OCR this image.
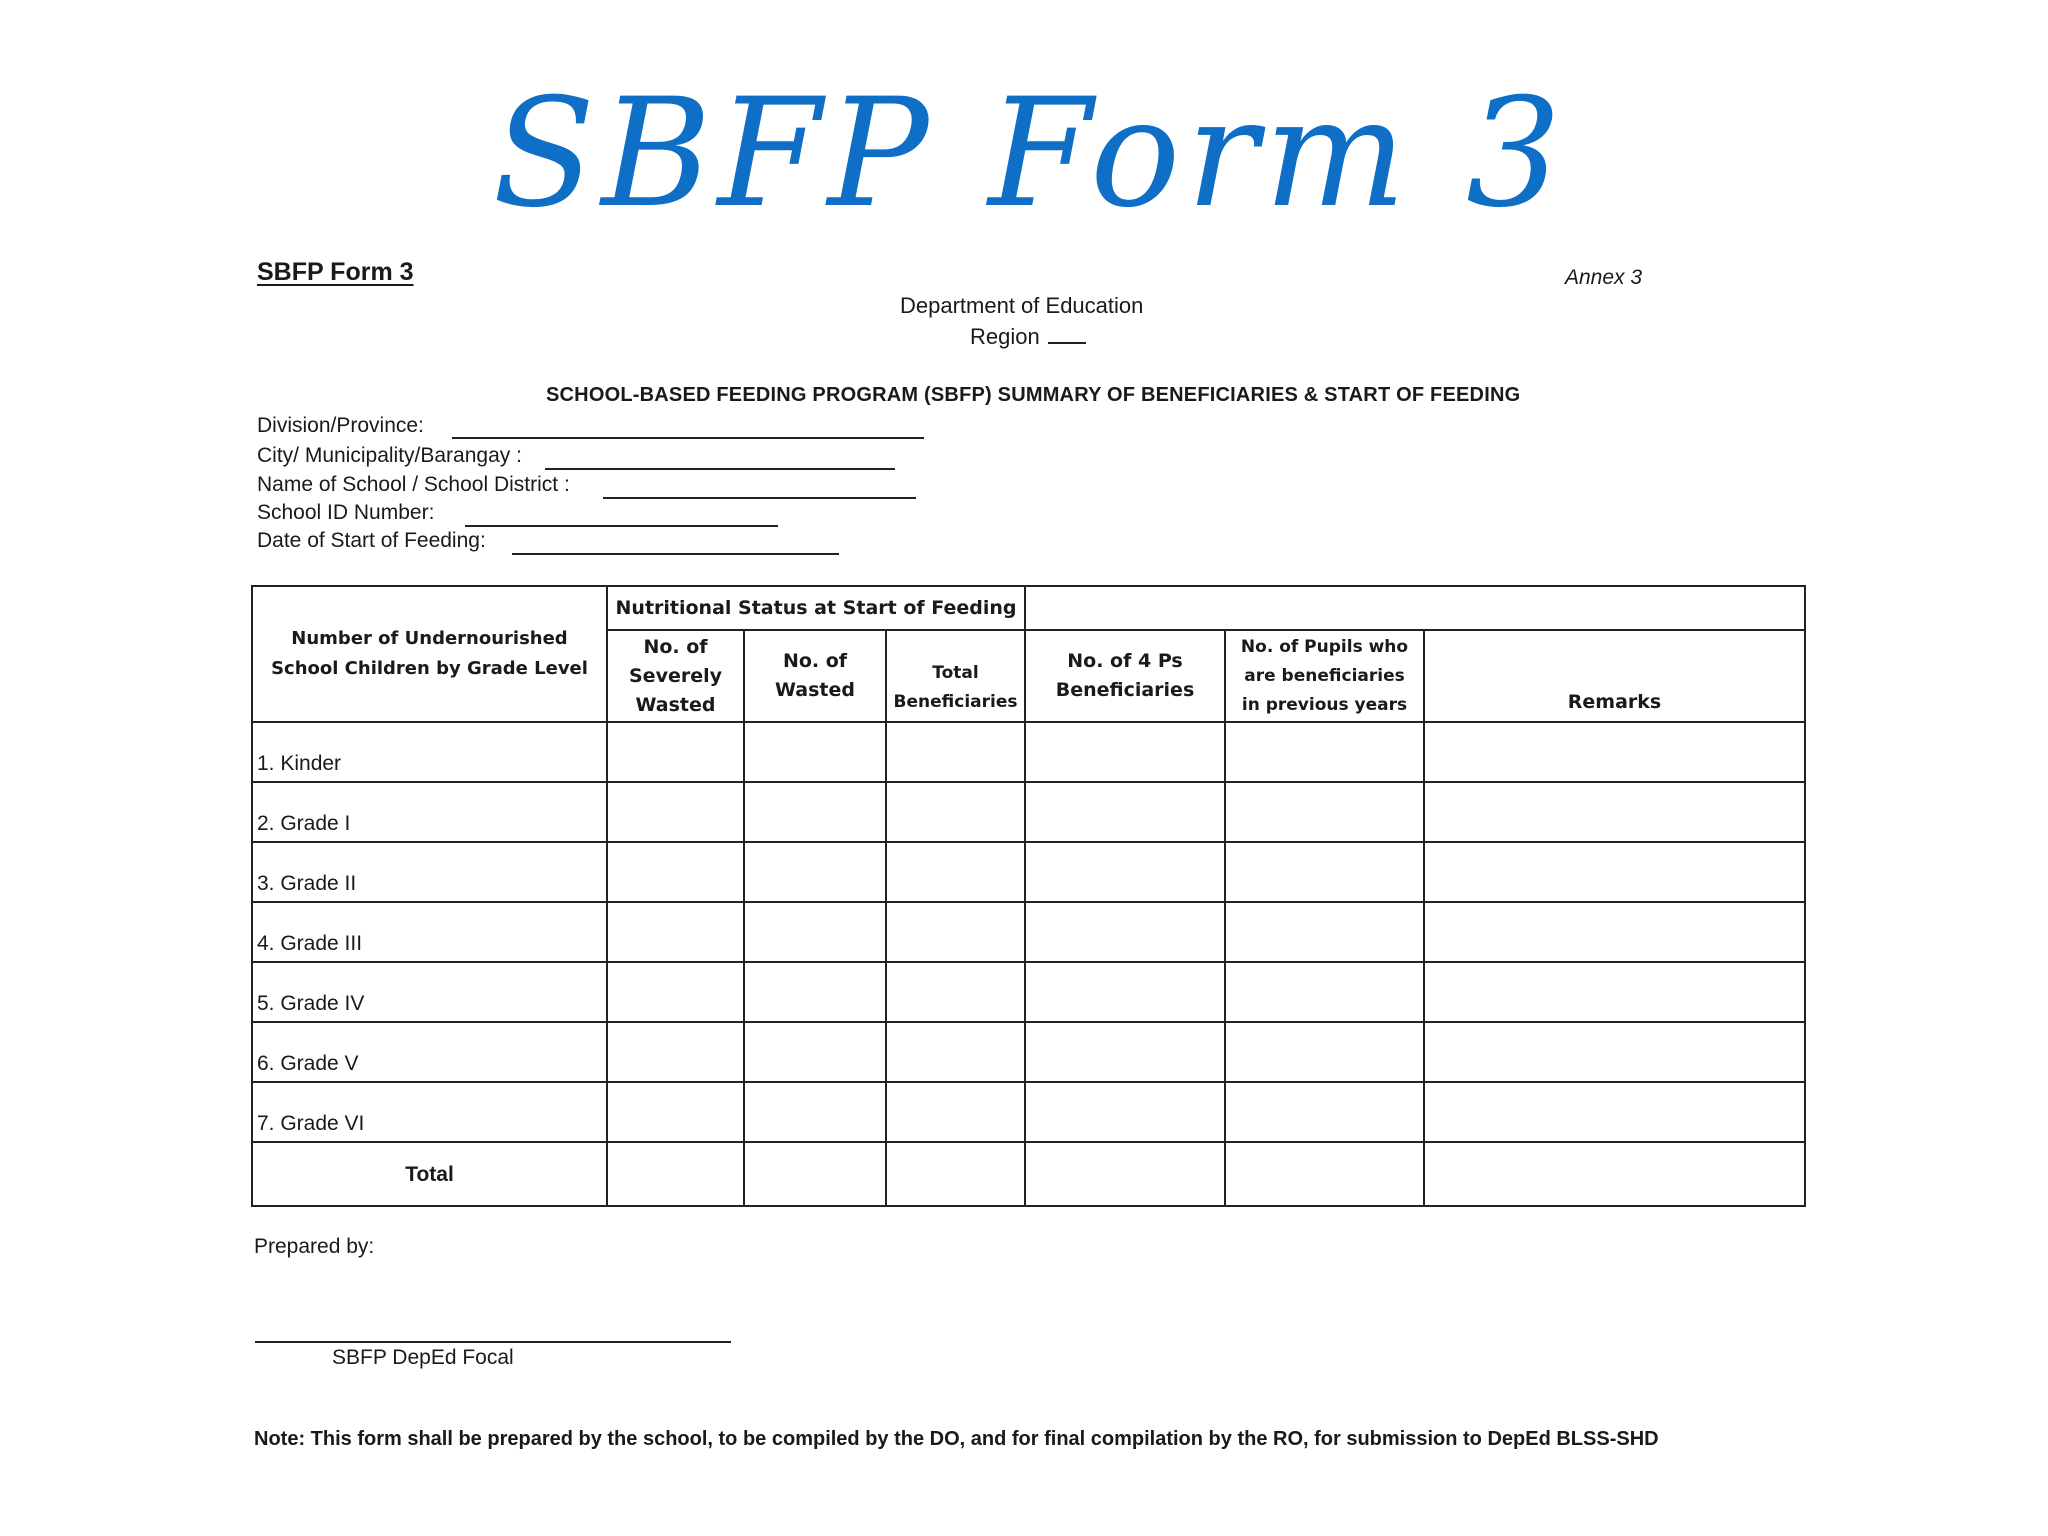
SBFP Form 3
SBFP Form 3	Annex 3
Department of Education
Region
SCHOOL-BASED FEEDING PROGRAM (SBFP) SUMMARY OF BENEFICIARIES & START OF FEEDING
Division/Province:
City/ Municipality/Barangay :
Name of School / School District :
School ID Number:
Date of Start of Feeding:
Number of Undernourished School Children by Grade Level	Nutritional Status at Start of Feeding					
	No. of Severely Wasted	No. of Wasted	Total Beneficiaries	No. of 4 Ps Beneficiaries	No. of Pupils who are beneficiaries in previous years	Remarks
1. Kinder						
2. Grade I						
3. Grade II						
4. Grade III						
5. Grade IV						
6. Grade V						
7. Grade VI						
Total						
Prepared by:
SBFP DepEd Focal
Note: This form shall be prepared by the school, to be compiled by the DO, and for final compilation by the RO, for submission to DepEd BLSS-SHD
